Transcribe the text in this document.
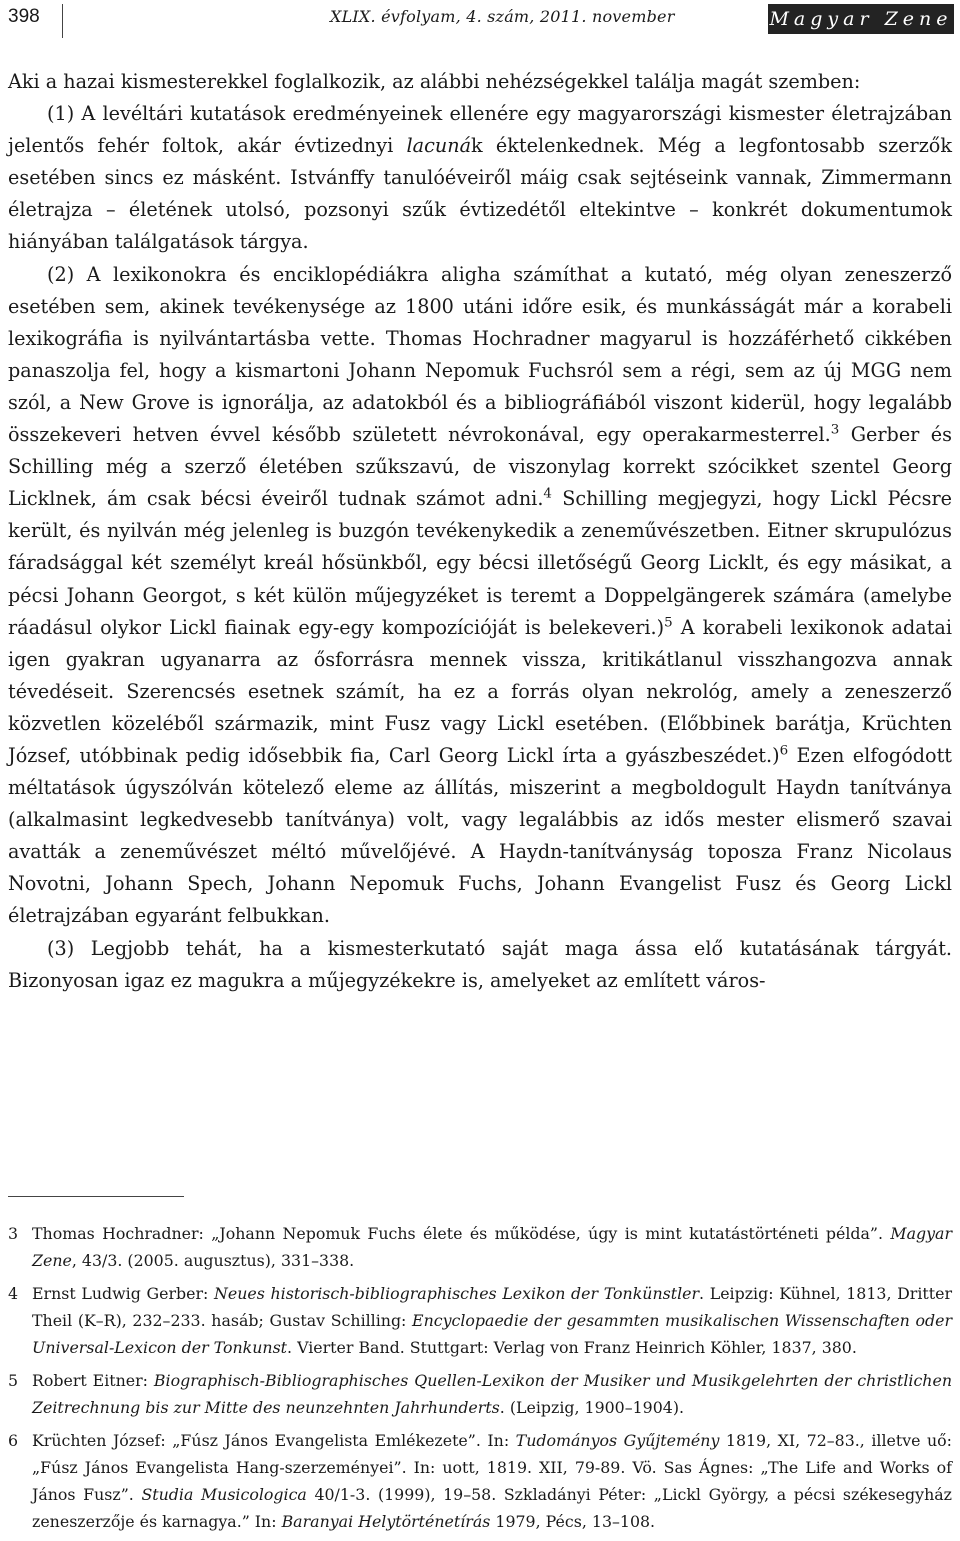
398	XLIX. évfolyam, 4. szám, 2011. november	Magyar Zene

Aki a hazai kismesterekkel foglalkozik, az alábbi nehézségekkel találja magát szemben:

(1) A levéltári kutatások eredményeinek ellenére egy magyarországi kismester életrajzában jelentős fehér foltok, akár évtizednyi lacunák éktelenkednek. Még a legfontosabb szerzők esetében sincs ez másként. Istvánffy tanulóéveiről máig csak sejtéseink vannak, Zimmermann életrajza – életének utolsó, pozsonyi szűk évtizedétől eltekintve – konkrét dokumentumok hiányában találgatások tárgya.

(2) A lexikonokra és enciklopédiákra aligha számíthat a kutató, még olyan zeneszerző esetében sem, akinek tevékenysége az 1800 utáni időre esik, és munkásságát már a korabeli lexikográfia is nyilvántartásba vette. Thomas Hochradner magyarul is hozzáférhető cikkében panaszolja fel, hogy a kismartoni Johann Nepomuk Fuchsról sem a régi, sem az új MGG nem szól, a New Grove is ignorálja, az adatokból és a bibliográfiából viszont kiderül, hogy legalább összekeveri hetven évvel később született névrokonával, egy operakarmesterrel.$^3$ Gerber és Schilling még a szerző életében szűkszavú, de viszonylag korrekt szócikket szentel Georg Licklnek, ám csak bécsi éveiről tudnak számot adni.$^4$ Schilling megjegyzi, hogy Lickl Pécsre került, és nyilván még jelenleg is buzgón tevékenykedik a zeneművészetben. Eitner skrupulózus fáradsággal két személyt kreál hősünkből, egy bécsi illetőségű Georg Licklt, és egy másikat, a pécsi Johann Georgot, s két külön műjegyzéket is teremt a Doppelgängerek számára (amelybe ráadásul olykor Lickl fiainak egy-egy kompozícióját is belekeveri.)$^5$ A korabeli lexikonok adatai igen gyakran ugyanarra az ősforrásra mennek vissza, kritikátlanul visszhangozva annak tévedéseit. Szerencsés esetnek számít, ha ez a forrás olyan nekrológ, amely a zeneszerző közvetlen közeléből származik, mint Fusz vagy Lickl esetében. (Előbbinek barátja, Krüchten József, utóbbinak pedig idősebbik fia, Carl Georg Lickl írta a gyászbeszédet.)$^6$ Ezen elfogódott méltatások úgyszólván kötelező eleme az állítás, miszerint a megboldogult Haydn tanítványa (alkalmasint legkedvesebb tanítványa) volt, vagy legalábbis az idős mester elismerő szavai avatták a zeneművészet méltó művelőjévé. A Haydn-tanítványság toposza Franz Nicolaus Novotni, Johann Spech, Johann Nepomuk Fuchs, Johann Evangelist Fusz és Georg Lickl életrajzában egyaránt felbukkan.

(3) Legjobb tehát, ha a kismesterkutató saját maga ássa elő kutatásának tárgyát. Bizonyosan igaz ez magukra a műjegyzékekre is, amelyeket az említett város-

3 Thomas Hochradner: „Johann Nepomuk Fuchs élete és működése, úgy is mint kutatástörténeti példa”. Magyar Zene, 43/3. (2005. augusztus), 331–338.
4 Ernst Ludwig Gerber: Neues historisch-bibliographisches Lexikon der Tonkünstler. Leipzig: Kühnel, 1813, Dritter Theil (K–R), 232–233. hasáb; Gustav Schilling: Encyclopaedie der gesammten musikalischen Wissenschaften oder Universal-Lexicon der Tonkunst. Vierter Band. Stuttgart: Verlag von Franz Heinrich Köhler, 1837, 380.
5 Robert Eitner: Biographisch-Bibliographisches Quellen-Lexikon der Musiker und Musikgelehrten der christlichen Zeitrechnung bis zur Mitte des neunzehnten Jahrhunderts. (Leipzig, 1900–1904).
6 Krüchten József: „Fúsz János Evangelista Emlékezete”. In: Tudományos Gyűjtemény 1819, XI, 72–83., illetve uő: „Fúsz János Evangelista Hang-szerzeményei”. In: uott, 1819. XII, 79-89. Vö. Sas Ágnes: „The Life and Works of János Fusz”. Studia Musicologica 40/1-3. (1999), 19–58. Szkladányi Péter: „Lickl György, a pécsi székesegyház zeneszerzője és karnagya.” In: Baranyai Helytörténetírás 1979, Pécs, 13–108.
